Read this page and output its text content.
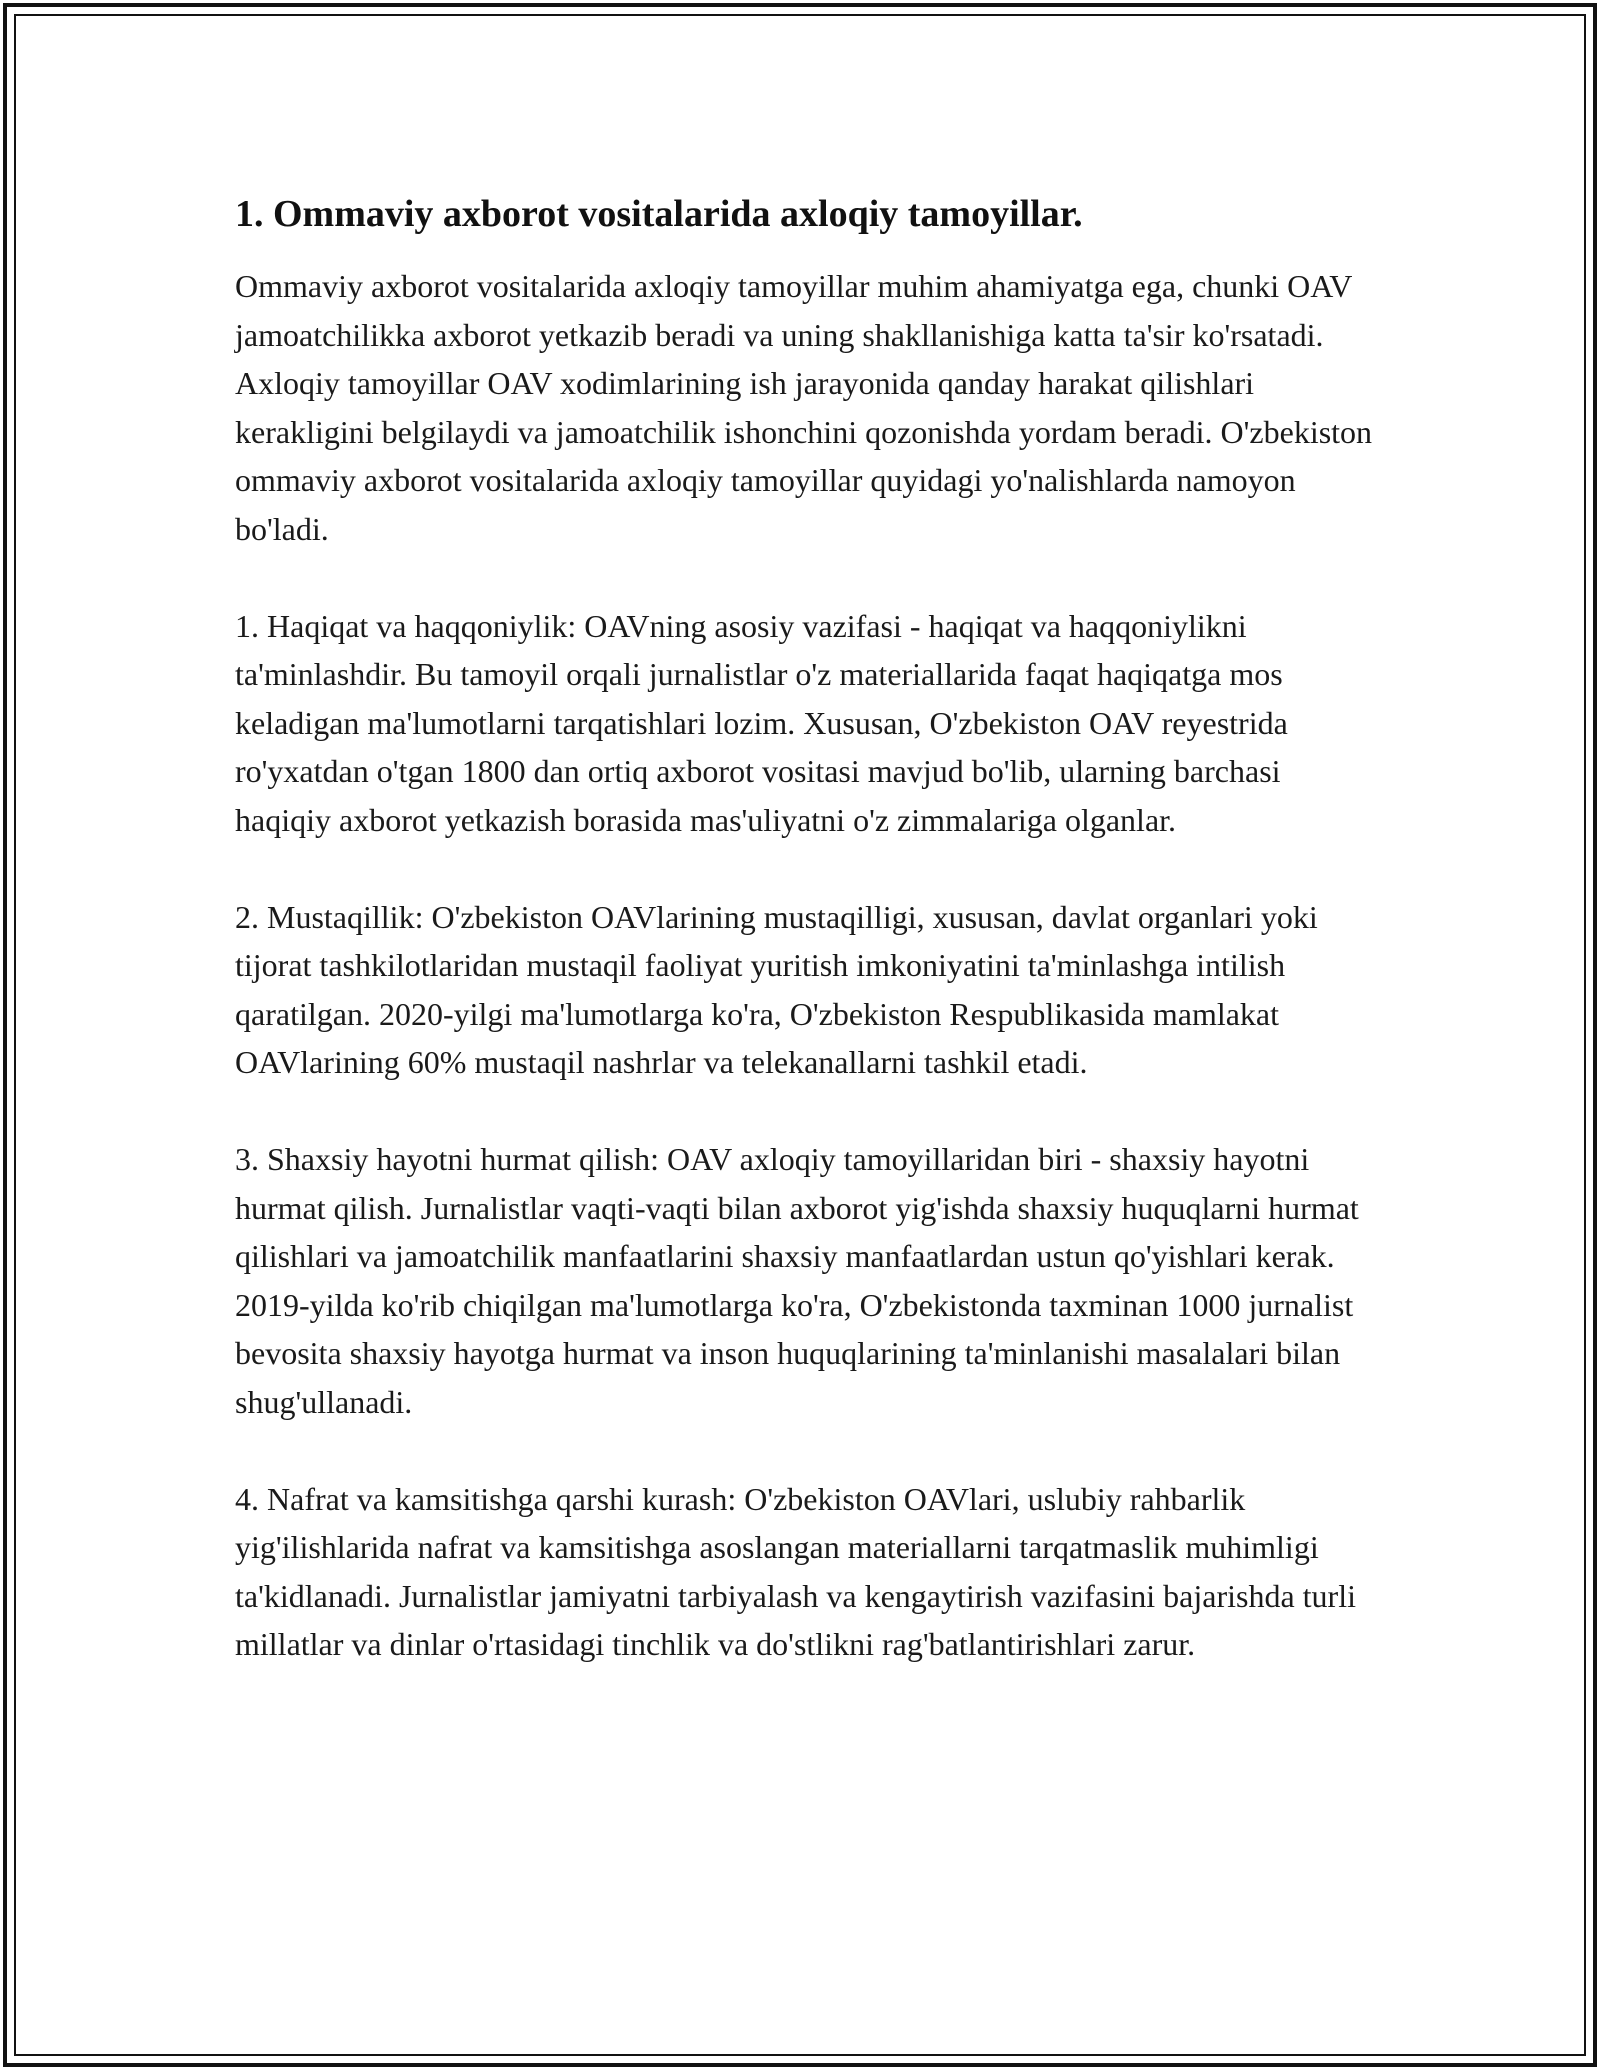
1. Ommaviy axborot vositalarida axloqiy tamoyillar.

Ommaviy axborot vositalarida axloqiy tamoyillar muhim ahamiyatga ega, chunki OAV jamoatchilikka axborot yetkazib beradi va uning shakllanishiga katta ta'sir ko'rsatadi. Axloqiy tamoyillar OAV xodimlarining ish jarayonida qanday harakat qilishlari kerakligini belgilaydi va jamoatchilik ishonchini qozonishda yordam beradi. O'zbekiston ommaviy axborot vositalarida axloqiy tamoyillar quyidagi yo'nalishlarda namoyon bo'ladi.

1. Haqiqat va haqqoniylik: OAVning asosiy vazifasi - haqiqat va haqqoniylikni ta'minlashdir. Bu tamoyil orqali jurnalistlar o'z materiallarida faqat haqiqatga mos keladigan ma'lumotlarni tarqatishlari lozim. Xususan, O'zbekiston OAV reyestrida ro'yxatdan o'tgan 1800 dan ortiq axborot vositasi mavjud bo'lib, ularning barchasi haqiqiy axborot yetkazish borasida mas'uliyatni o'z zimmalariga olganlar.

2. Mustaqillik: O'zbekiston OAVlarining mustaqilligi, xususan, davlat organlari yoki tijorat tashkilotlaridan mustaqil faoliyat yuritish imkoniyatini ta'minlashga intilish qaratilgan. 2020-yilgi ma'lumotlarga ko'ra, O'zbekiston Respublikasida mamlakat OAVlarining 60% mustaqil nashrlar va telekanallarni tashkil etadi.

3. Shaxsiy hayotni hurmat qilish: OAV axloqiy tamoyillaridan biri - shaxsiy hayotni hurmat qilish. Jurnalistlar vaqti-vaqti bilan axborot yig'ishda shaxsiy huquqlarni hurmat qilishlari va jamoatchilik manfaatlarini shaxsiy manfaatlardan ustun qo'yishlari kerak. 2019-yilda ko'rib chiqilgan ma'lumotlarga ko'ra, O'zbekistonda taxminan 1000 jurnalist bevosita shaxsiy hayotga hurmat va inson huquqlarining ta'minlanishi masalalari bilan shug'ullanadi.

4. Nafrat va kamsitishga qarshi kurash: O'zbekiston OAVlari, uslubiy rahbarlik yig'ilishlarida nafrat va kamsitishga asoslangan materiallarni tarqatmaslik muhimligi ta'kidlanadi. Jurnalistlar jamiyatni tarbiyalash va kengaytirish vazifasini bajarishda turli millatlar va dinlar o'rtasidagi tinchlik va do'stlikni rag'batlantirishlari zarur.
